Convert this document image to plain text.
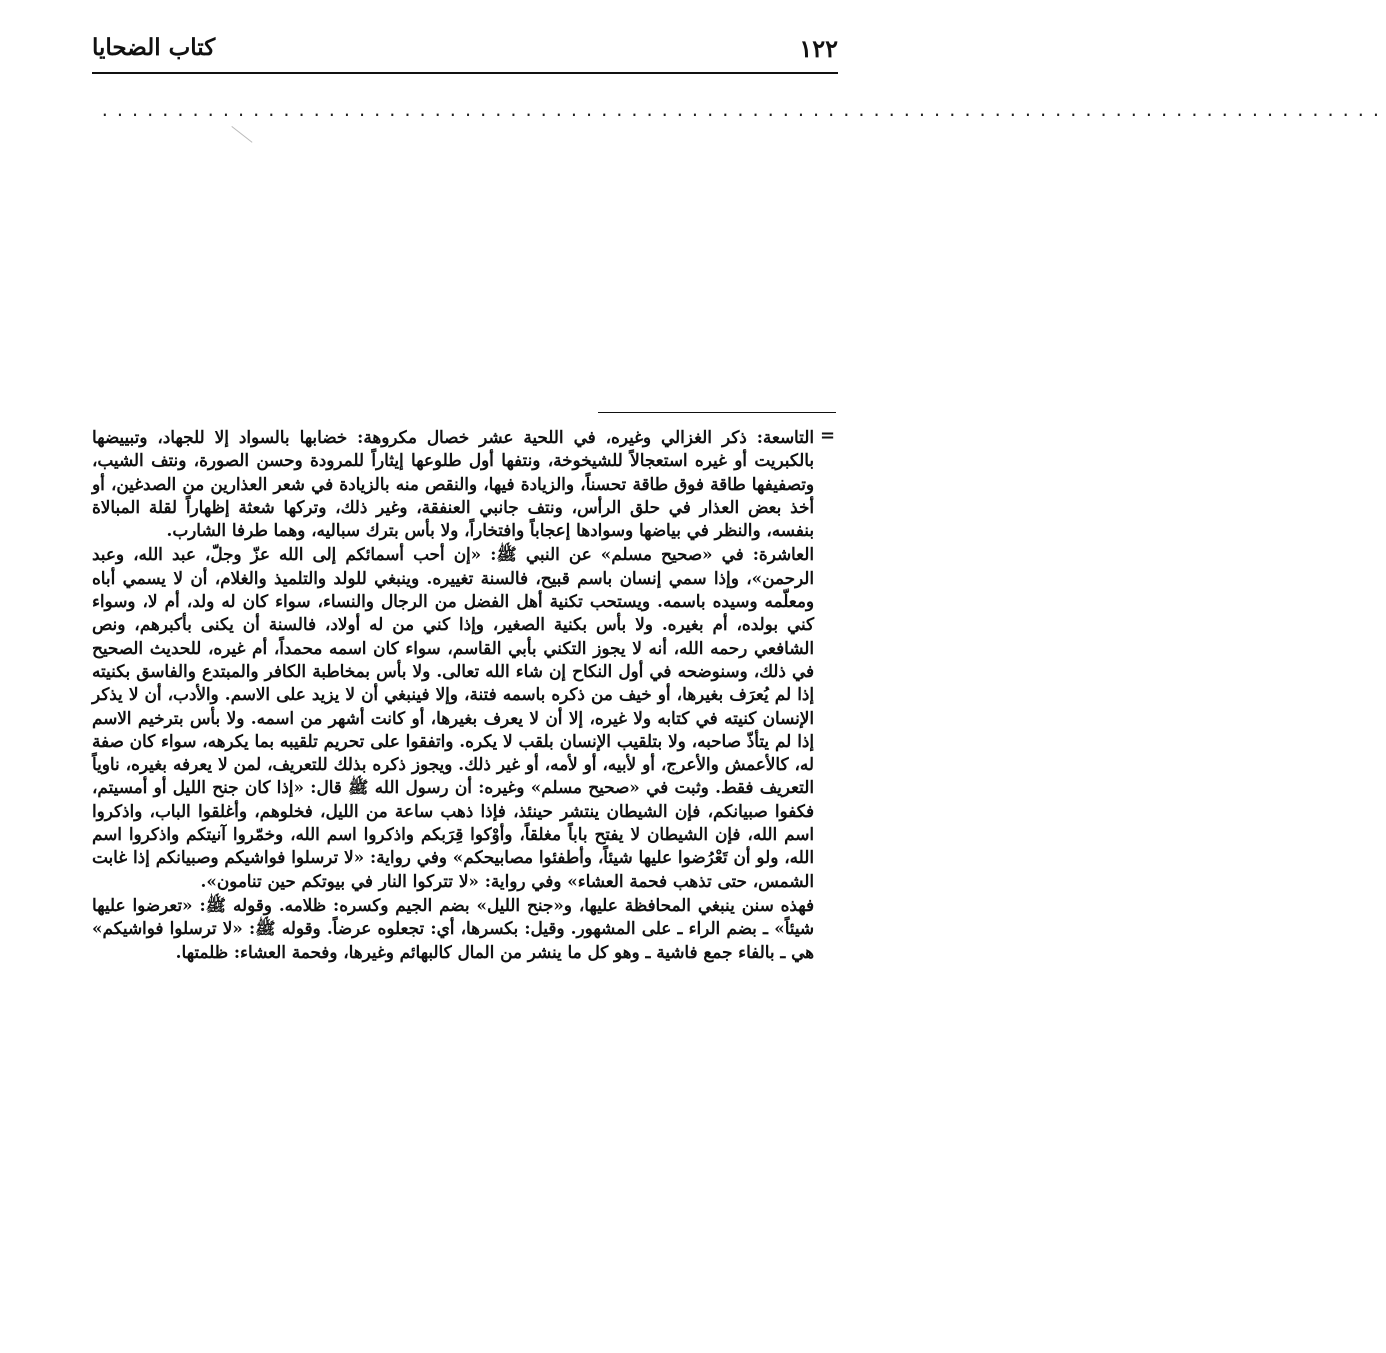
١٢٢
كتاب الضحايا
.....................................................................................
=

التاسعة: ذكر الغزالي وغيره، في اللحية عشر خصال مكروهة: خضابها بالسواد إلا للجهاد، وتبييضها بالكبريت أو غيره استعجالاً للشيخوخة، ونتفها أول طلوعها إيثاراً للمرودة وحسن الصورة، ونتف الشيب، وتصفيفها طاقة فوق طاقة تحسناً، والزيادة فيها، والنقص منه بالزيادة في شعر العذارين من الصدغين، أو أخذ بعض العذار في حلق الرأس، ونتف جانبي العنفقة، وغير ذلك، وتركها شعثة إظهاراً لقلة المبالاة بنفسه، والنظر في بياضها وسوادها إعجاباً وافتخاراً، ولا بأس بترك سباليه، وهما طرفا الشارب.

العاشرة: في «صحيح مسلم» عن النبي ﷺ: «إن أحب أسمائكم إلى الله عزّ وجلّ، عبد الله، وعبد الرحمن»، وإذا سمي إنسان باسم قبيح، فالسنة تغييره. وينبغي للولد والتلميذ والغلام، أن لا يسمي أباه ومعلّمه وسيده باسمه. ويستحب تكنية أهل الفضل من الرجال والنساء، سواء كان له ولد، أم لا، وسواء كني بولده، أم بغيره. ولا بأس بكنية الصغير، وإذا كني من له أولاد، فالسنة أن يكنى بأكبرهم، ونص الشافعي رحمه الله، أنه لا يجوز التكني بأبي القاسم، سواء كان اسمه محمداً، أم غيره، للحديث الصحيح في ذلك، وسنوضحه في أول النكاح إن شاء الله تعالى. ولا بأس بمخاطبة الكافر والمبتدع والفاسق بكنيته إذا لم يُعرَف بغيرها، أو خيف من ذكره باسمه فتنة، وإلا فينبغي أن لا يزيد على الاسم. والأدب، أن لا يذكر الإنسان كنيته في كتابه ولا غيره، إلا أن لا يعرف بغيرها، أو كانت أشهر من اسمه. ولا بأس بترخيم الاسم إذا لم يتأذّ صاحبه، ولا بتلقيب الإنسان بلقب لا يكره. واتفقوا على تحريم تلقيبه بما يكرهه، سواء كان صفة له، كالأعمش والأعرج، أو لأبيه، أو لأمه، أو غير ذلك. ويجوز ذكره بذلك للتعريف، لمن لا يعرفه بغيره، ناوياً التعريف فقط. وثبت في «صحيح مسلم» وغيره: أن رسول الله ﷺ قال: «إذا كان جنح الليل أو أمسيتم، فكفوا صبيانكم، فإن الشيطان ينتشر حينئذ، فإذا ذهب ساعة من الليل، فخلوهم، وأغلقوا الباب، واذكروا اسم الله، فإن الشيطان لا يفتح باباً مغلقاً، وأوْكوا قِرَبكم واذكروا اسم الله، وخمّروا آنيتكم واذكروا اسم الله، ولو أن تَعْرُضوا عليها شيئاً، وأطفئوا مصابيحكم» وفي رواية: «لا ترسلوا فواشيكم وصبيانكم إذا غابت الشمس، حتى تذهب فحمة العشاء» وفي رواية: «لا تتركوا النار في بيوتكم حين تنامون».

فهذه سنن ينبغي المحافظة عليها، و«جنح الليل» بضم الجيم وكسره: ظلامه. وقوله ﷺ: «تعرضوا عليها شيئاً» ـ بضم الراء ـ على المشهور. وقيل: بكسرها، أي: تجعلوه عرضاً. وقوله ﷺ: «لا ترسلوا فواشيكم» هي ـ بالفاء جمع فاشية ـ وهو كل ما ينشر من المال كالبهائم وغيرها، وفحمة العشاء: ظلمتها.
